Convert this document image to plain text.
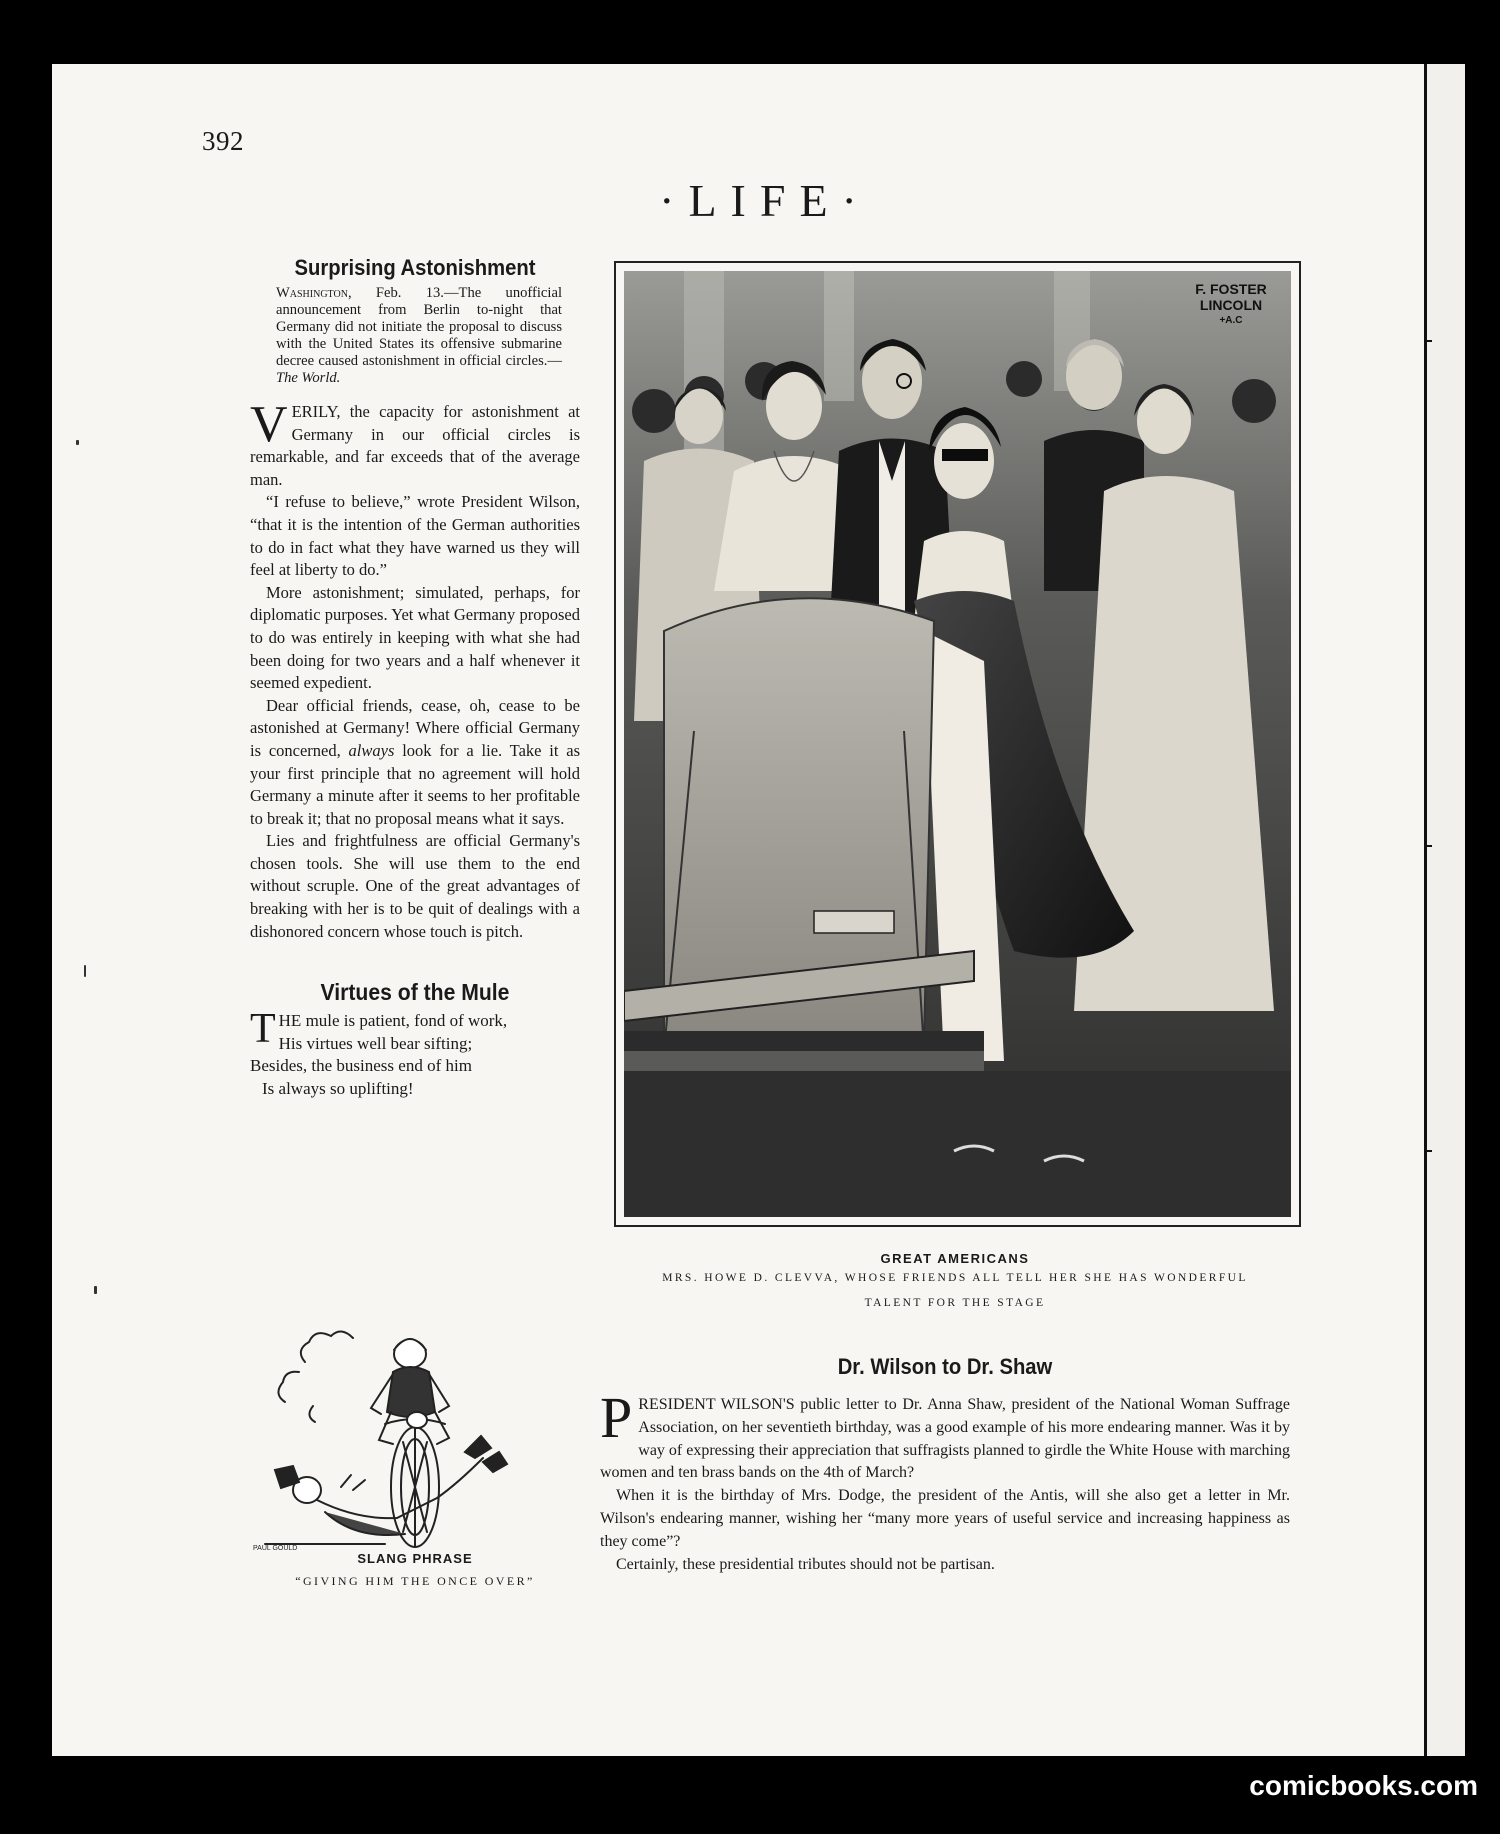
392
·LIFE·
Surprising Astonishment

Washington, Feb. 13.—The unofficial announcement from Berlin to-night that Germany did not initiate the proposal to discuss with the United States its offensive submarine decree caused astonishment in official circles.—The World.

VERILY, the capacity for astonishment at Germany in our official circles is remarkable, and far exceeds that of the average man.

“I refuse to believe,” wrote President Wilson, “that it is the intention of the German authorities to do in fact what they have warned us they will feel at liberty to do.”

More astonishment; simulated, perhaps, for diplomatic purposes. Yet what Germany proposed to do was entirely in keeping with what she had been doing for two years and a half whenever it seemed expedient.

Dear official friends, cease, oh, cease to be astonished at Germany! Where official Germany is concerned, always look for a lie. Take it as your first principle that no agreement will hold Germany a minute after it seems to her profitable to break it; that no proposal means what it says.

Lies and frightfulness are official Germany's chosen tools. She will use them to the end without scruple. One of the great advantages of breaking with her is to be quit of dealings with a dishonored concern whose touch is pitch.

Virtues of the Mule

THE mule is patient, fond of work,

His virtues well bear sifting;

Besides, the business end of him

Is always so uplifting!

PAUL GOULD
SLANG PHRASE
“GIVING HIM THE ONCE OVER”
F. FOSTER
LINCOLN
+A.C
GREAT AMERICANS
MRS. HOWE D. CLEVVA, WHOSE FRIENDS ALL TELL HER SHE HAS WONDERFUL
TALENT FOR THE STAGE
Dr. Wilson to Dr. Shaw

PRESIDENT WILSON'S public letter to Dr. Anna Shaw, president of the National Woman Suffrage Association, on her seventieth birthday, was a good example of his more endearing manner. Was it by way of expressing their appreciation that suffragists planned to girdle the White House with marching women and ten brass bands on the 4th of March?

When it is the birthday of Mrs. Dodge, the president of the Antis, will she also get a letter in Mr. Wilson's endearing manner, wishing her “many more years of useful service and increasing happiness as they come”?

Certainly, these presidential tributes should not be partisan.

comicbooks.com
